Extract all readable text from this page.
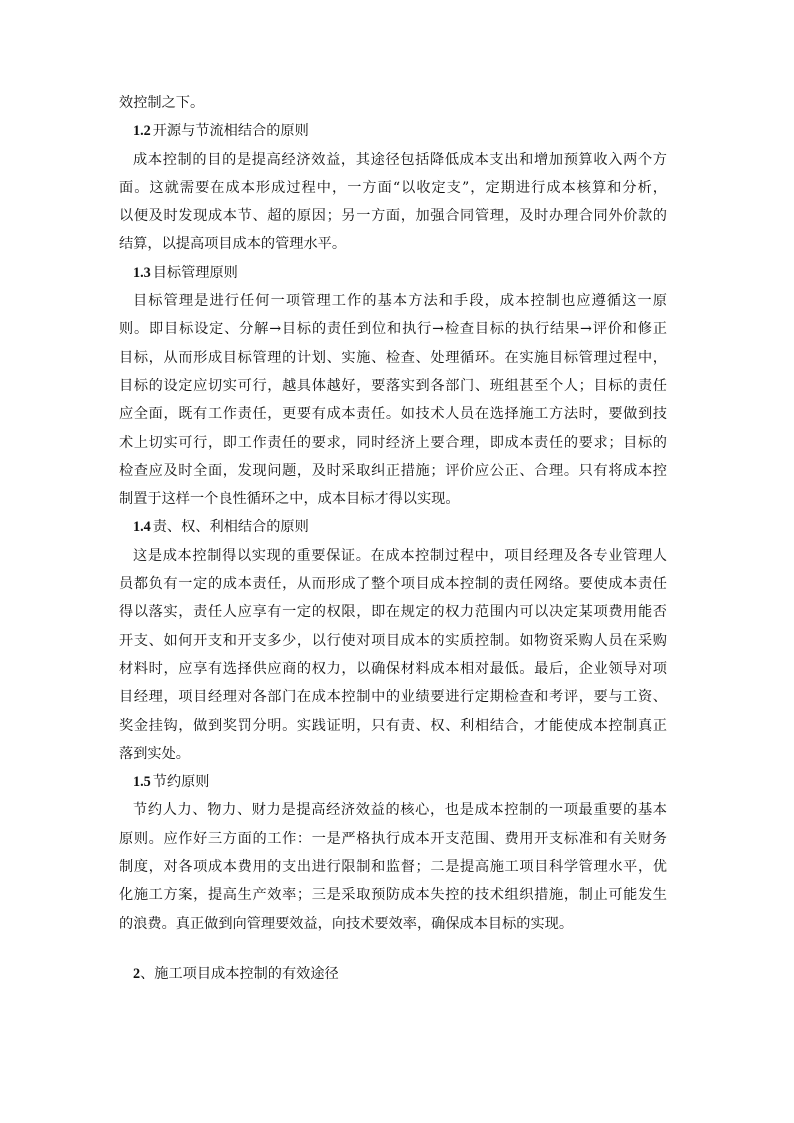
效控制之下。
1.2 开源与节流相结合的原则
成本控制的目的是提高经济效益，其途径包括降低成本支出和增加预算收入两个方
面。这就需要在成本形成过程中，一方面“以收定支”，定期进行成本核算和分析，
以便及时发现成本节、超的原因；另一方面，加强合同管理，及时办理合同外价款的
结算，以提高项目成本的管理水平。
1.3 目标管理原则
目标管理是进行任何一项管理工作的基本方法和手段，成本控制也应遵循这一原
则。即目标设定、分解→目标的责任到位和执行→检查目标的执行结果→评价和修正
目标，从而形成目标管理的计划、实施、检查、处理循环。在实施目标管理过程中，
目标的设定应切实可行，越具体越好，要落实到各部门、班组甚至个人；目标的责任
应全面，既有工作责任，更要有成本责任。如技术人员在选择施工方法时，要做到技
术上切实可行，即工作责任的要求，同时经济上要合理，即成本责任的要求；目标的
检查应及时全面，发现问题，及时采取纠正措施；评价应公正、合理。只有将成本控
制置于这样一个良性循环之中，成本目标才得以实现。
1.4 责、权、利相结合的原则
这是成本控制得以实现的重要保证。在成本控制过程中，项目经理及各专业管理人
员都负有一定的成本责任，从而形成了整个项目成本控制的责任网络。要使成本责任
得以落实，责任人应享有一定的权限，即在规定的权力范围内可以决定某项费用能否
开支、如何开支和开支多少，以行使对项目成本的实质控制。如物资采购人员在采购
材料时，应享有选择供应商的权力，以确保材料成本相对最低。最后，企业领导对项
目经理，项目经理对各部门在成本控制中的业绩要进行定期检查和考评，要与工资、
奖金挂钩，做到奖罚分明。实践证明，只有责、权、利相结合，才能使成本控制真正
落到实处。
1.5 节约原则
节约人力、物力、财力是提高经济效益的核心，也是成本控制的一项最重要的基本
原则。应作好三方面的工作：一是严格执行成本开支范围、费用开支标准和有关财务
制度，对各项成本费用的支出进行限制和监督；二是提高施工项目科学管理水平，优
化施工方案，提高生产效率；三是采取预防成本失控的技术组织措施，制止可能发生
的浪费。真正做到向管理要效益，向技术要效率，确保成本目标的实现。
2、施工项目成本控制的有效途径
